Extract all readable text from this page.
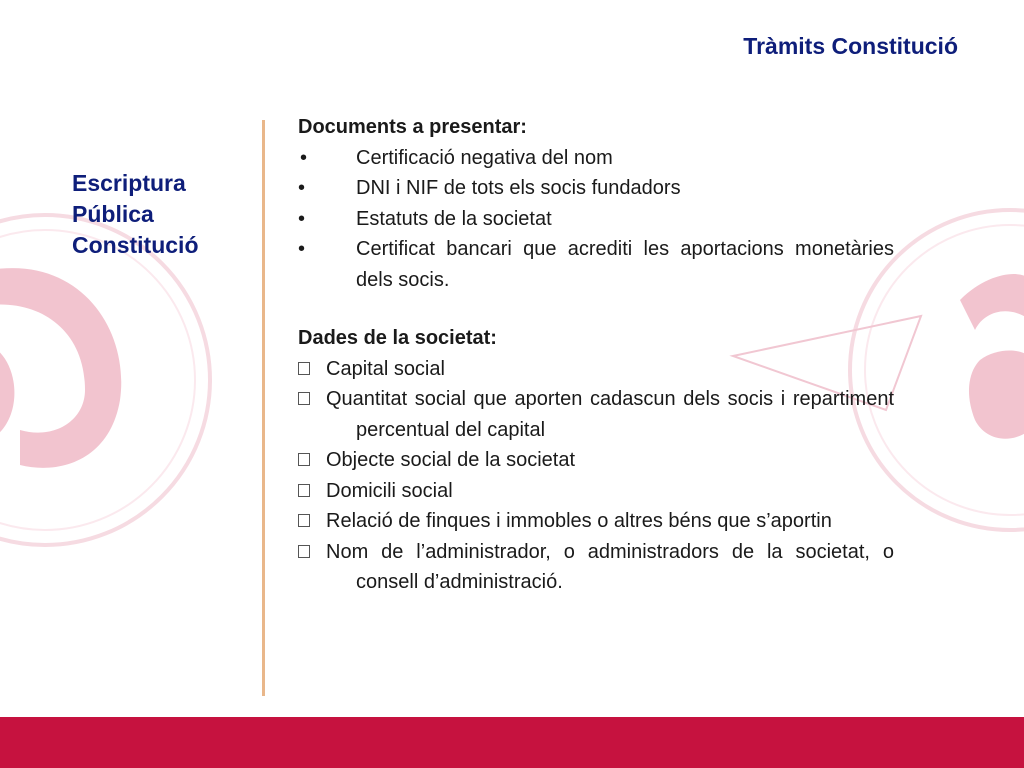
Tràmits Constitució
Escriptura
Pública
Constitució
Documents a presentar:
• Certificació negativa del nom
•	DNI i NIF de tots els socis fundadors
•	Estatuts de la societat
•	Certificat bancari que acrediti les aportacions monetàries dels socis.
Dades de la societat:
Capital social
Quantitat social que aporten cadascun dels socis i repartiment percentual del capital
Objecte social de la societat
Domicili social
Relació de finques i immobles o altres béns que s’aportin
Nom de l’administrador, o administradors de la societat, o consell d’administració.
